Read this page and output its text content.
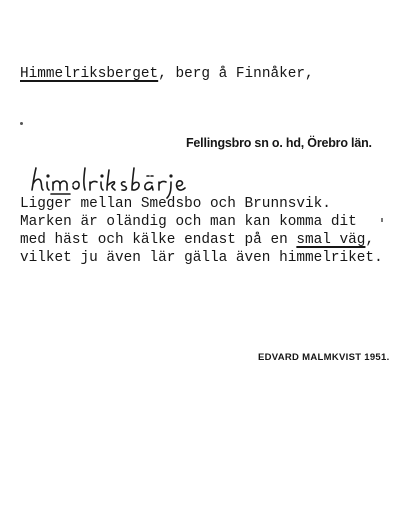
Himmelriksberget, berg å Finnåker,
Fellingsbro sn o. hd, Örebro län.
Ligger mellan Smedsbo och Brunnsvik.
Marken är oländig och man kan komma dit
med häst och kälke endast på en smal väg,
vilket ju även lär gälla även himmelriket.
EDVARD MALMKVIST 1951.
